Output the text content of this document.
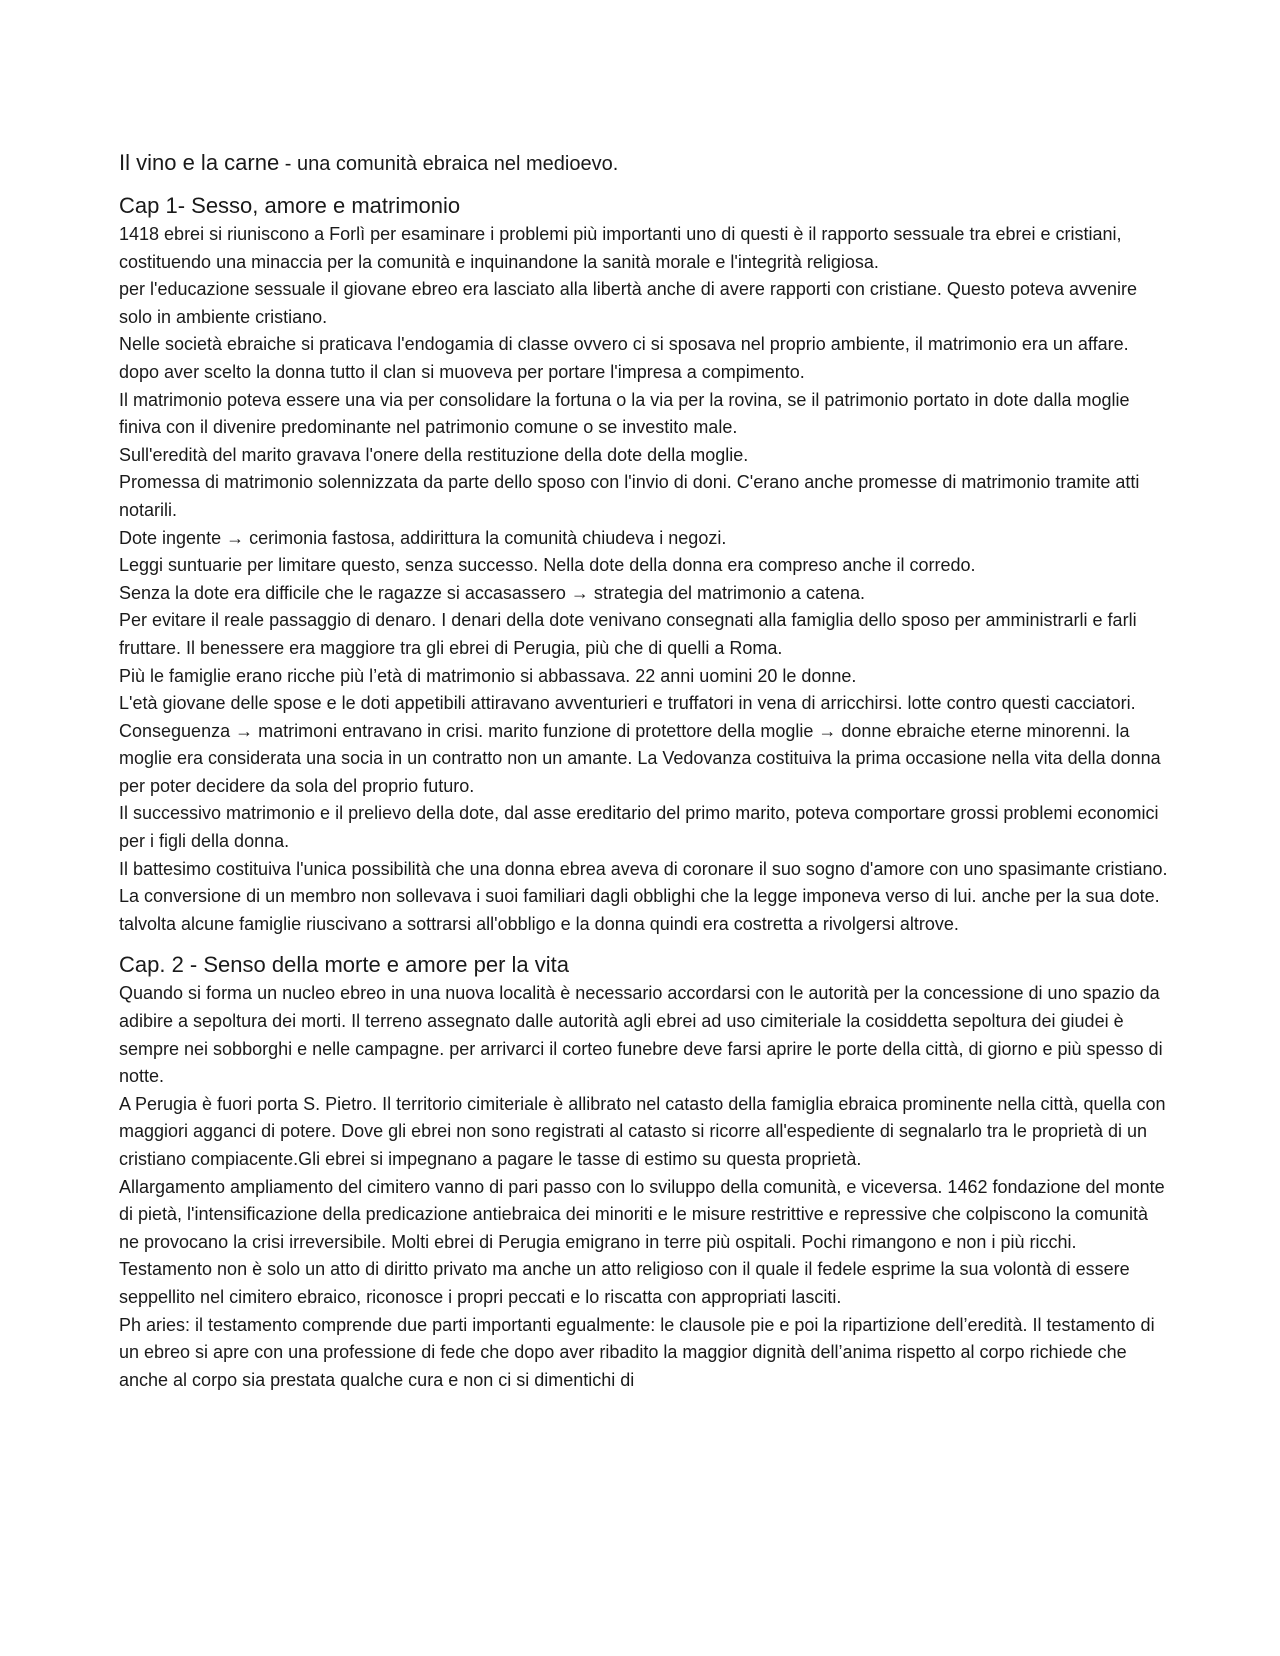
Il vino e la carne - una comunità ebraica nel medioevo.
Cap 1- Sesso, amore e matrimonio

1418 ebrei si riuniscono a Forlì per esaminare i problemi più importanti uno di questi è il rapporto sessuale tra ebrei e cristiani, costituendo una minaccia per la comunità e inquinandone la sanità morale e l'integrità religiosa.

per l'educazione sessuale il giovane ebreo era lasciato alla libertà anche di avere rapporti con cristiane. Questo poteva avvenire solo in ambiente cristiano.

Nelle società ebraiche si praticava l'endogamia di classe ovvero ci si sposava nel proprio ambiente, il matrimonio era un affare. dopo aver scelto la donna tutto il clan si muoveva per portare l'impresa a compimento.

Il matrimonio poteva essere una via per consolidare la fortuna o la via per la rovina, se il patrimonio portato in dote dalla moglie finiva con il divenire predominante nel patrimonio comune o se investito male.

Sull'eredità del marito gravava l'onere della restituzione della dote della moglie.

Promessa di matrimonio solennizzata da parte dello sposo con l'invio di doni. C'erano anche promesse di matrimonio tramite atti notarili.

Dote ingente → cerimonia fastosa, addirittura la comunità chiudeva i negozi.

Leggi suntuarie per limitare questo, senza successo. Nella dote della donna era compreso anche il corredo.

Senza la dote era difficile che le ragazze si accasassero → strategia del matrimonio a catena.

Per evitare il reale passaggio di denaro. I denari della dote venivano consegnati alla famiglia dello sposo per amministrarli e farli fruttare. Il benessere era maggiore tra gli ebrei di Perugia, più che di quelli a Roma.

Più le famiglie erano ricche più l’età di matrimonio si abbassava. 22 anni uomini 20 le donne.

L'età giovane delle spose e le doti appetibili attiravano avventurieri e truffatori in vena di arricchirsi. lotte contro questi cacciatori.

Conseguenza → matrimoni entravano in crisi. marito funzione di protettore della moglie → donne ebraiche eterne minorenni. la moglie era considerata una socia in un contratto non un amante. La Vedovanza costituiva la prima occasione nella vita della donna per poter decidere da sola del proprio futuro.

Il successivo matrimonio e il prelievo della dote, dal asse ereditario del primo marito, poteva comportare grossi problemi economici per i figli della donna.

Il battesimo costituiva l'unica possibilità che una donna ebrea aveva di coronare il suo sogno d'amore con uno spasimante cristiano. La conversione di un membro non sollevava i suoi familiari dagli obblighi che la legge imponeva verso di lui. anche per la sua dote. talvolta alcune famiglie riuscivano a sottrarsi all'obbligo e la donna quindi era costretta a rivolgersi altrove.

Cap. 2 - Senso della morte e amore per la vita

Quando si forma un nucleo ebreo in una nuova località è necessario accordarsi con le autorità per la concessione di uno spazio da adibire a sepoltura dei morti. Il terreno assegnato dalle autorità agli ebrei ad uso cimiteriale la cosiddetta sepoltura dei giudei è sempre nei sobborghi e nelle campagne. per arrivarci il corteo funebre deve farsi aprire le porte della città, di giorno e più spesso di notte.

A Perugia è fuori porta S. Pietro. Il territorio cimiteriale è allibrato nel catasto della famiglia ebraica prominente nella città, quella con maggiori agganci di potere. Dove gli ebrei non sono registrati al catasto si ricorre all'espediente di segnalarlo tra le proprietà di un cristiano compiacente.Gli ebrei si impegnano a pagare le tasse di estimo su questa proprietà.

Allargamento ampliamento del cimitero vanno di pari passo con lo sviluppo della comunità, e viceversa. 1462 fondazione del monte di pietà, l'intensificazione della predicazione antiebraica dei minoriti e le misure restrittive e repressive che colpiscono la comunità ne provocano la crisi irreversibile. Molti ebrei di Perugia emigrano in terre più ospitali. Pochi rimangono e non i più ricchi.

Testamento non è solo un atto di diritto privato ma anche un atto religioso con il quale il fedele esprime la sua volontà di essere seppellito nel cimitero ebraico, riconosce i propri peccati e lo riscatta con appropriati lasciti.

Ph aries: il testamento comprende due parti importanti egualmente: le clausole pie e poi la ripartizione dell’eredità. Il testamento di un ebreo si apre con una professione di fede che dopo aver ribadito la maggior dignità dell’anima rispetto al corpo richiede che anche al corpo sia prestata qualche cura e non ci si dimentichi di
